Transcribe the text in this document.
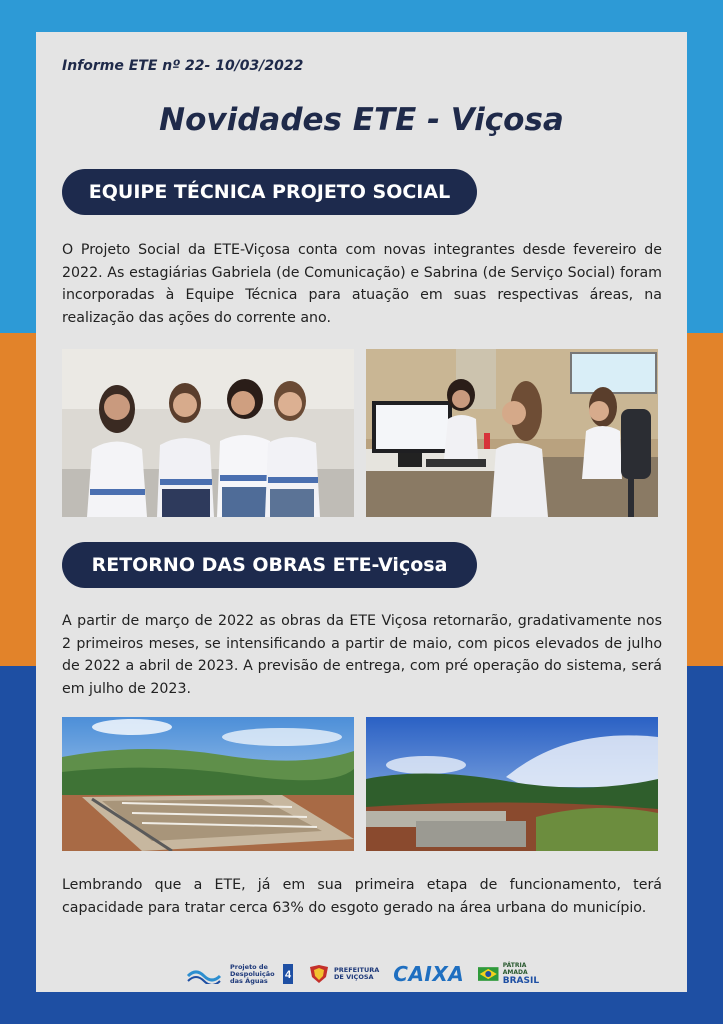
Informe ETE nº 22- 10/03/2022

Novidades ETE - Viçosa
EQUIPE TÉCNICA PROJETO SOCIAL

O Projeto Social da ETE-Viçosa conta com novas integrantes desde fevereiro de 2022. As estagiárias Gabriela (de Comunicação) e Sabrina (de Serviço Social) foram incorporadas à Equipe Técnica para atuação em suas respectivas áreas, na realização das ações do corrente ano.

RETORNO DAS OBRAS ETE-Viçosa

A partir de março de 2022 as obras da ETE Viçosa retornarão, gradativamente nos 2 primeiros meses, se intensificando a partir de maio, com picos elevados de julho de 2022 a abril de 2023. A previsão de entrega, com pré operação do sistema, será em julho de 2023.

Lembrando que a ETE, já em sua primeira etapa de funcionamento, terá capacidade para tratar cerca 63% do esgoto gerado na área urbana do município.

Projeto de Despoluição das Águas	4	PREFEITURA
DE VIÇOSA CAIXA	PÁTRIA AMADA
BRASIL
